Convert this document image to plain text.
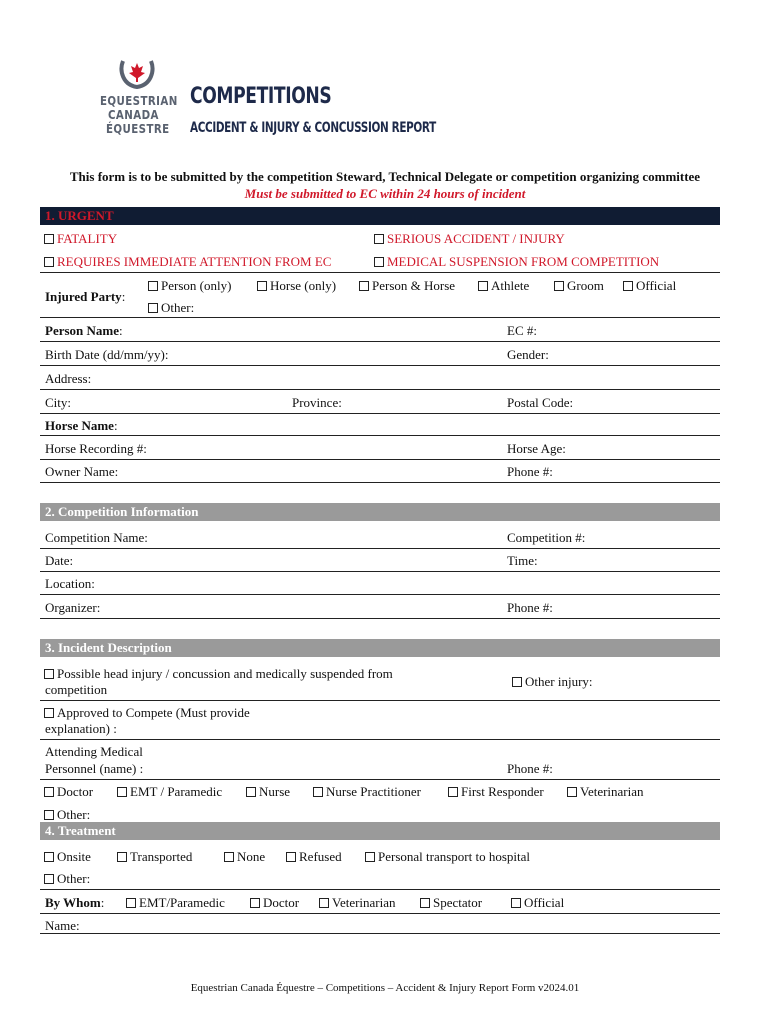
EQUESTRIAN
CANADA
ÉQUESTRE
COMPETITIONS
ACCIDENT & INJURY & CONCUSSION REPORT
This form is to be submitted by the competition Steward, Technical Delegate or competition organizing committee
Must be submitted to EC within 24 hours of incident
1. URGENT
FATALITY	SERIOUS ACCIDENT / INJURY
REQUIRES IMMEDIATE ATTENTION FROM EC	MEDICAL SUSPENSION FROM COMPETITION
Injured Party:
Person (only)	Horse (only)	Person & Horse	Athlete	Groom	Official
Other:
Person Name:	EC #:
Birth Date (dd/mm/yy):	Gender:
Address:
City:	Province:	Postal Code:
Horse Name:
Horse Recording #:	Horse Age:
Owner Name:	Phone #:
2. Competition Information
Competition Name:	Competition #:
Date:	Time:
Location:
Organizer:	Phone #:
3. Incident Description
Possible head injury / concussion and medically suspended from
competition
Other injury:
Approved to Compete (Must provide
explanation) :
Attending Medical
Personnel (name) :	Phone #:
Doctor	EMT / Paramedic	Nurse	Nurse Practitioner	First Responder	Veterinarian
Other:
4. Treatment
Onsite	Transported	None	Refused	Personal transport to hospital
Other:
By Whom:	EMT/Paramedic	Doctor	Veterinarian	Spectator	Official
Name:
Equestrian Canada Équestre – Competitions – Accident & Injury Report Form v2024.01
